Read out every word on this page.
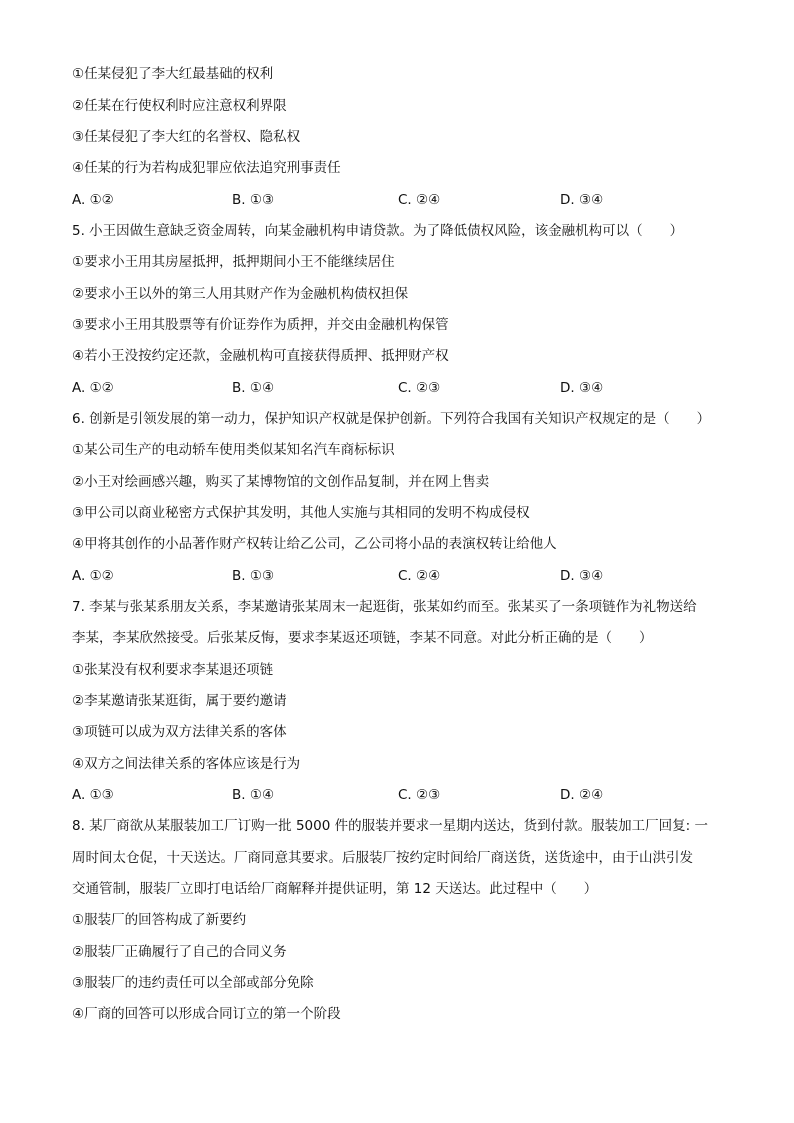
①任某侵犯了李大红最基础的权利
②任某在行使权利时应注意权利界限
③任某侵犯了李大红的名誉权、隐私权
④任某的行为若构成犯罪应依法追究刑事责任
A. ①②	B. ①③	C. ②④	D. ③④
5. 小王因做生意缺乏资金周转，向某金融机构申请贷款。为了降低债权风险，该金融机构可以（　　）
①要求小王用其房屋抵押，抵押期间小王不能继续居住
②要求小王以外的第三人用其财产作为金融机构债权担保
③要求小王用其股票等有价证券作为质押，并交由金融机构保管
④若小王没按约定还款，金融机构可直接获得质押、抵押财产权
A. ①②	B. ①④	C. ②③	D. ③④
6. 创新是引领发展的第一动力，保护知识产权就是保护创新。下列符合我国有关知识产权规定的是（　　）
①某公司生产的电动轿车使用类似某知名汽车商标标识
②小王对绘画感兴趣，购买了某博物馆的文创作品复制，并在网上售卖
③甲公司以商业秘密方式保护其发明，其他人实施与其相同的发明不构成侵权
④甲将其创作的小品著作财产权转让给乙公司，乙公司将小品的表演权转让给他人
A. ①②	B. ①③	C. ②④	D. ③④
7. 李某与张某系朋友关系，李某邀请张某周末一起逛街，张某如约而至。张某买了一条项链作为礼物送给
李某，李某欣然接受。后张某反悔，要求李某返还项链，李某不同意。对此分析正确的是（　　）
①张某没有权利要求李某退还项链
②李某邀请张某逛街，属于要约邀请
③项链可以成为双方法律关系的客体
④双方之间法律关系的客体应该是行为
A. ①③	B. ①④	C. ②③	D. ②④
8. 某厂商欲从某服装加工厂订购一批 5000 件的服装并要求一星期内送达，货到付款。服装加工厂回复: 一
周时间太仓促，十天送达。厂商同意其要求。后服装厂按约定时间给厂商送货，送货途中，由于山洪引发
交通管制，服装厂立即打电话给厂商解释并提供证明，第 12 天送达。此过程中（　　）
①服装厂的回答构成了新要约
②服装厂正确履行了自己的合同义务
③服装厂的违约责任可以全部或部分免除
④厂商的回答可以形成合同订立的第一个阶段
